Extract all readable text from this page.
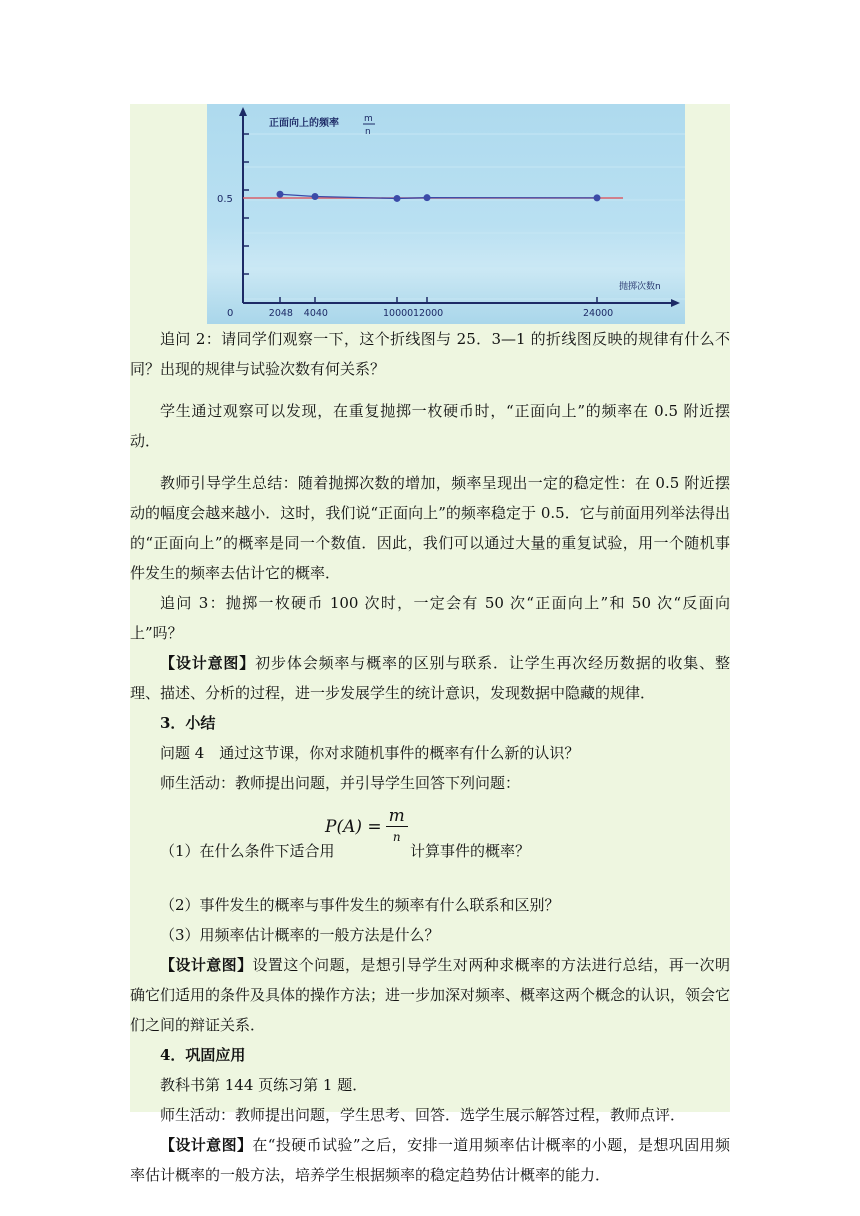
正面向上的频率	m
n
0.5
0
抛掷次数n
2048 4040	10000 12000	24000

追问 2：请同学们观察一下，这个折线图与 25．3—1 的折线图反映的规律有什么不同？出现的规律与试验次数有何关系？

学生通过观察可以发现，在重复抛掷一枚硬币时，“正面向上”的频率在 0.5 附近摆动．

教师引导学生总结：随着抛掷次数的增加，频率呈现出一定的稳定性：在 0.5 附近摆动的幅度会越来越小．这时，我们说“正面向上”的频率稳定于 0.5．它与前面用列举法得出的“正面向上”的概率是同一个数值．因此，我们可以通过大量的重复试验，用一个随机事件发生的频率去估计它的概率．

追问 3：抛掷一枚硬币 100 次时，一定会有 50 次“正面向上”和 50 次“反面向上”吗？

【设计意图】初步体会频率与概率的区别与联系．让学生再次经历数据的收集、整理、描述、分析的过程，进一步发展学生的统计意识，发现数据中隐藏的规律．

3．小结

问题 4　通过这节课，你对求随机事件的概率有什么新的认识？

师生活动：教师提出问题，并引导学生回答下列问题：

（1）在什么条件下适合用
$P(A) = \frac{m}{n}$
计算事件的概率？

（2）事件发生的概率与事件发生的频率有什么联系和区别？

（3）用频率估计概率的一般方法是什么？

【设计意图】设置这个问题，是想引导学生对两种求概率的方法进行总结，再一次明确它们适用的条件及具体的操作方法；进一步加深对频率、概率这两个概念的认识，领会它们之间的辩证关系．

4．巩固应用

教科书第 144 页练习第 1 题．

师生活动：教师提出问题，学生思考、回答．选学生展示解答过程，教师点评．

【设计意图】在“投硬币试验”之后，安排一道用频率估计概率的小题，是想巩固用频率估计概率的一般方法，培养学生根据频率的稳定趋势估计概率的能力．
